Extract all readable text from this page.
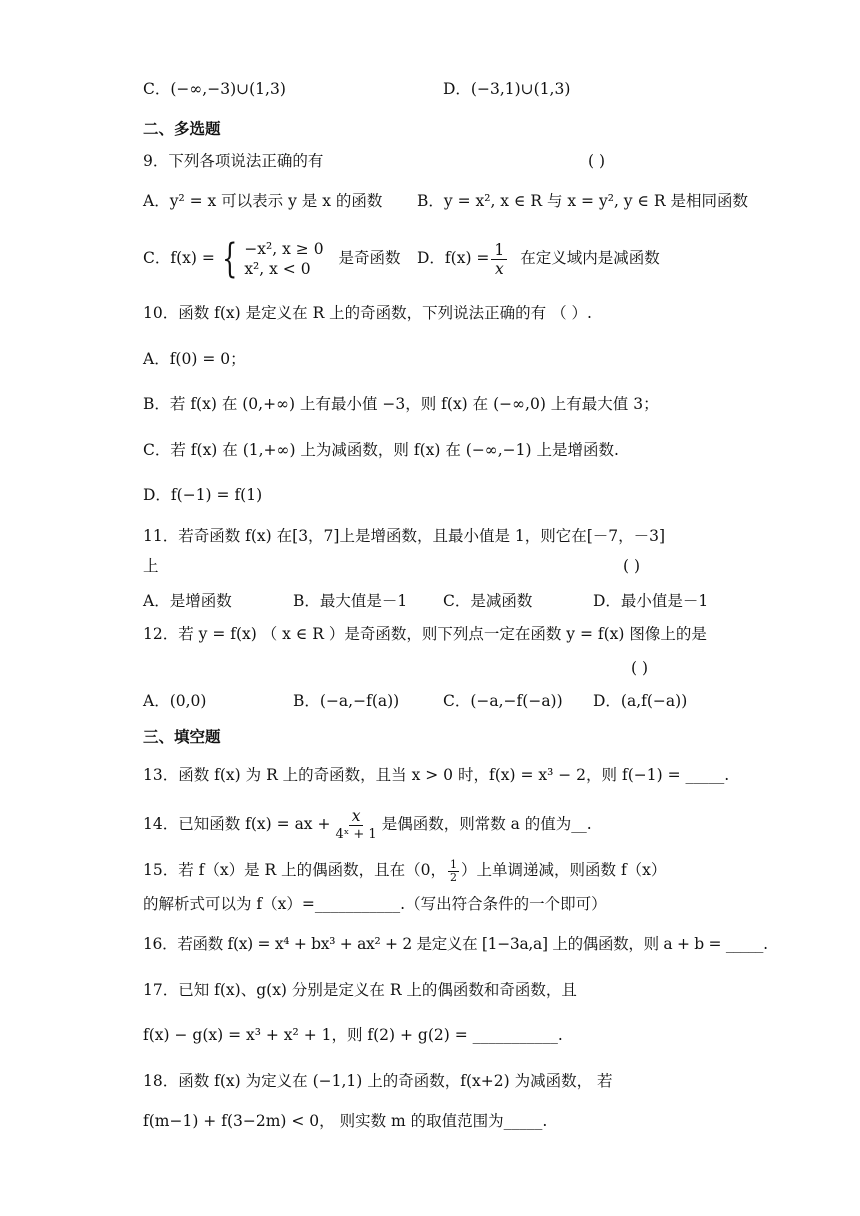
C．(−∞,−3)∪(1,3)	D．(−3,1)∪(1,3)
二、多选题
9．下列各项说法正确的有	( )
A．y² = x 可以表示 y 是 x 的函数 B．y = x², x ∈ R 与 x = y², y ∈ R 是相同函数
C．f(x) = { −x², x ≥ 0
x², x < 0
是奇函数 D．$f(x) = \frac{1}{x}$ 在定义域内是减函数
10．函数 f(x) 是定义在 R 上的奇函数，下列说法正确的有 （ ）.
A．f(0) = 0；
B．若 f(x) 在 (0,+∞) 上有最小值 −3，则 f(x) 在 (−∞,0) 上有最大值 3；
C．若 f(x) 在 (1,+∞) 上为减函数，则 f(x) 在 (−∞,−1) 上是增函数.
D．f(−1) = f(1)
11．若奇函数 f(x) 在[3，7]上是增函数，且最小值是 1，则它在[－7，－3]
上	( )
A．是增函数	B．最大值是－1 C．是减函数	D．最小值是－1
12．若 y = f(x) （ x ∈ R ）是奇函数，则下列点一定在函数 y = f(x) 图像上的是
( )
A．(0,0)	B．(−a,−f(a))	C．(−a,−f(−a)) D．(a,f(−a))
三、填空题
13．函数 f(x) 为 R 上的奇函数，且当 x > 0 时，f(x) = x³ − 2，则 f(−1) = _____.
14．已知函数 f(x) = ax + $\frac{x}{\text{4ˣ + 1}}$ 是偶函数，则常数 a 的值为__.
15．若 f（x）是 R 上的偶函数，且在（0， $\frac{1}{2}$ ）上单调递减，则函数 f（x）
的解析式可以为 f（x）=___________.（写出符合条件的一个即可）
16．若函数 f(x) = x⁴ + bx³ + ax² + 2 是定义在 [1−3a,a] 上的偶函数，则 a + b = _____.
17．已知 f(x)、g(x) 分别是定义在 R 上的偶函数和奇函数，且
f(x) − g(x) = x³ + x² + 1，则 f(2) + g(2) = ___________.
18．函数 f(x) 为定义在 (−1,1) 上的奇函数，f(x+2) 为减函数， 若
f(m−1) + f(3−2m) < 0， 则实数 m 的取值范围为_____.
